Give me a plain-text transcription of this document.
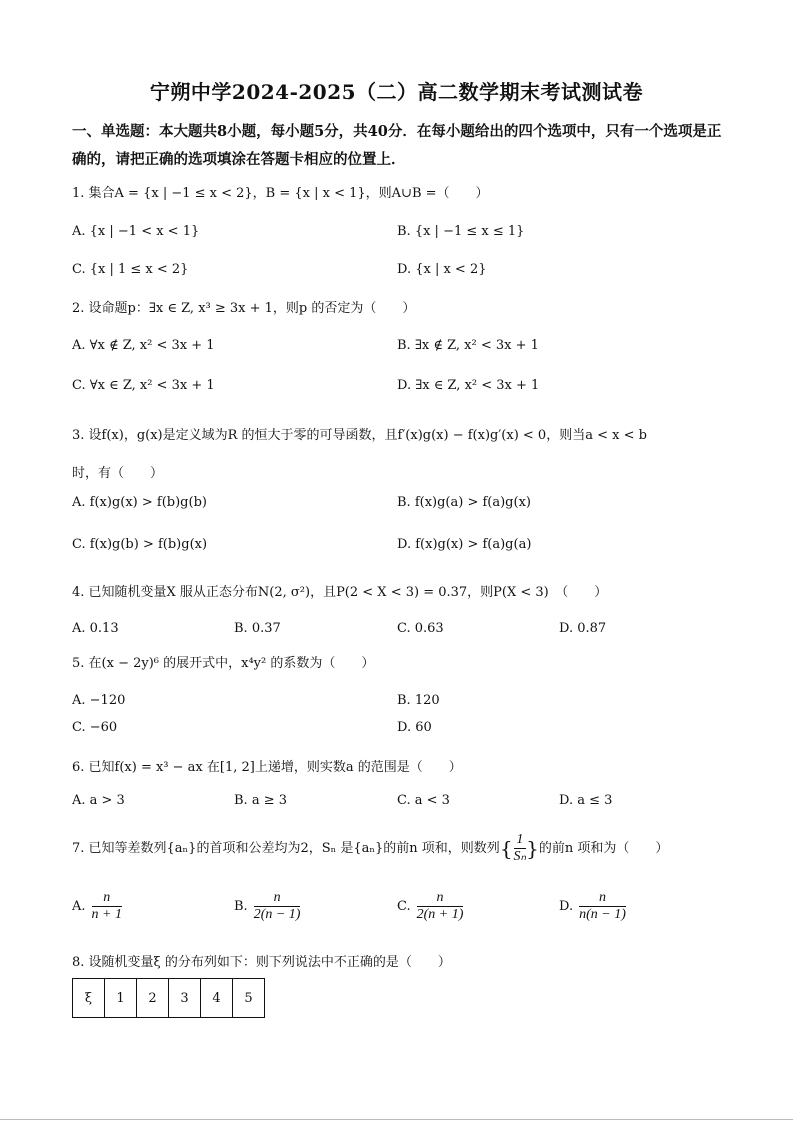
宁朔中学2024-2025（二）高二数学期末考试测试卷
一、单选题：本大题共8小题，每小题5分，共40分．在每小题给出的四个选项中，只有一个选项是正确的，请把正确的选项填涂在答题卡相应的位置上．
1. 集合A = {x | −1 ≤ x < 2}，B = {x | x < 1}，则A∪B =（　　）
A. {x | −1 < x < 1}	B. {x | −1 ≤ x ≤ 1}
C. {x | 1 ≤ x < 2}	D. {x | x < 2}
2. 设命题p：∃x ∈ Z, x³ ≥ 3x + 1，则p 的否定为（　　）
A. ∀x ∉ Z, x² < 3x + 1	B. ∃x ∉ Z, x² < 3x + 1
C. ∀x ∈ Z, x² < 3x + 1	D. ∃x ∈ Z, x² < 3x + 1
3. 设f(x)，g(x)是定义域为R 的恒大于零的可导函数，且f′(x)g(x) − f(x)g′(x) < 0，则当a < x < b
时，有（　　）
A. f(x)g(x) > f(b)g(b)	B. f(x)g(a) > f(a)g(x)
C. f(x)g(b) > f(b)g(x)	D. f(x)g(x) > f(a)g(a)
4. 已知随机变量X 服从正态分布N(2, σ²)，且P(2 < X < 3) = 0.37，则P(X < 3)　（　　）
A. 0.13	B. 0.37	C. 0.63	D. 0.87
5. 在(x − 2y)⁶ 的展开式中，x⁴y² 的系数为（　　）
A. −120	B. 120
C. −60	D. 60
6. 已知f(x) = x³ − ax 在[1, 2]上递增，则实数a 的范围是（　　）
A. a > 3	B. a ≥ 3	C. a < 3	D. a ≤ 3
7. 已知等差数列{aₙ}的首项和公差均为2，Sₙ 是{aₙ}的前n 项和，则数列{ $\frac{1}{\text{Sₙ}}$ }的前n 项和为（　　）
A. $\frac{n}{n + 1}$	B. $\frac{n}{2(n - 1)}$	C. $\frac{n}{2(n + 1)}$	D. $\frac{n}{n(n - 1)}$
8. 设随机变量ξ 的分布列如下：则下列说法中不正确的是（　　）
ξ	1	2	3	4	5
